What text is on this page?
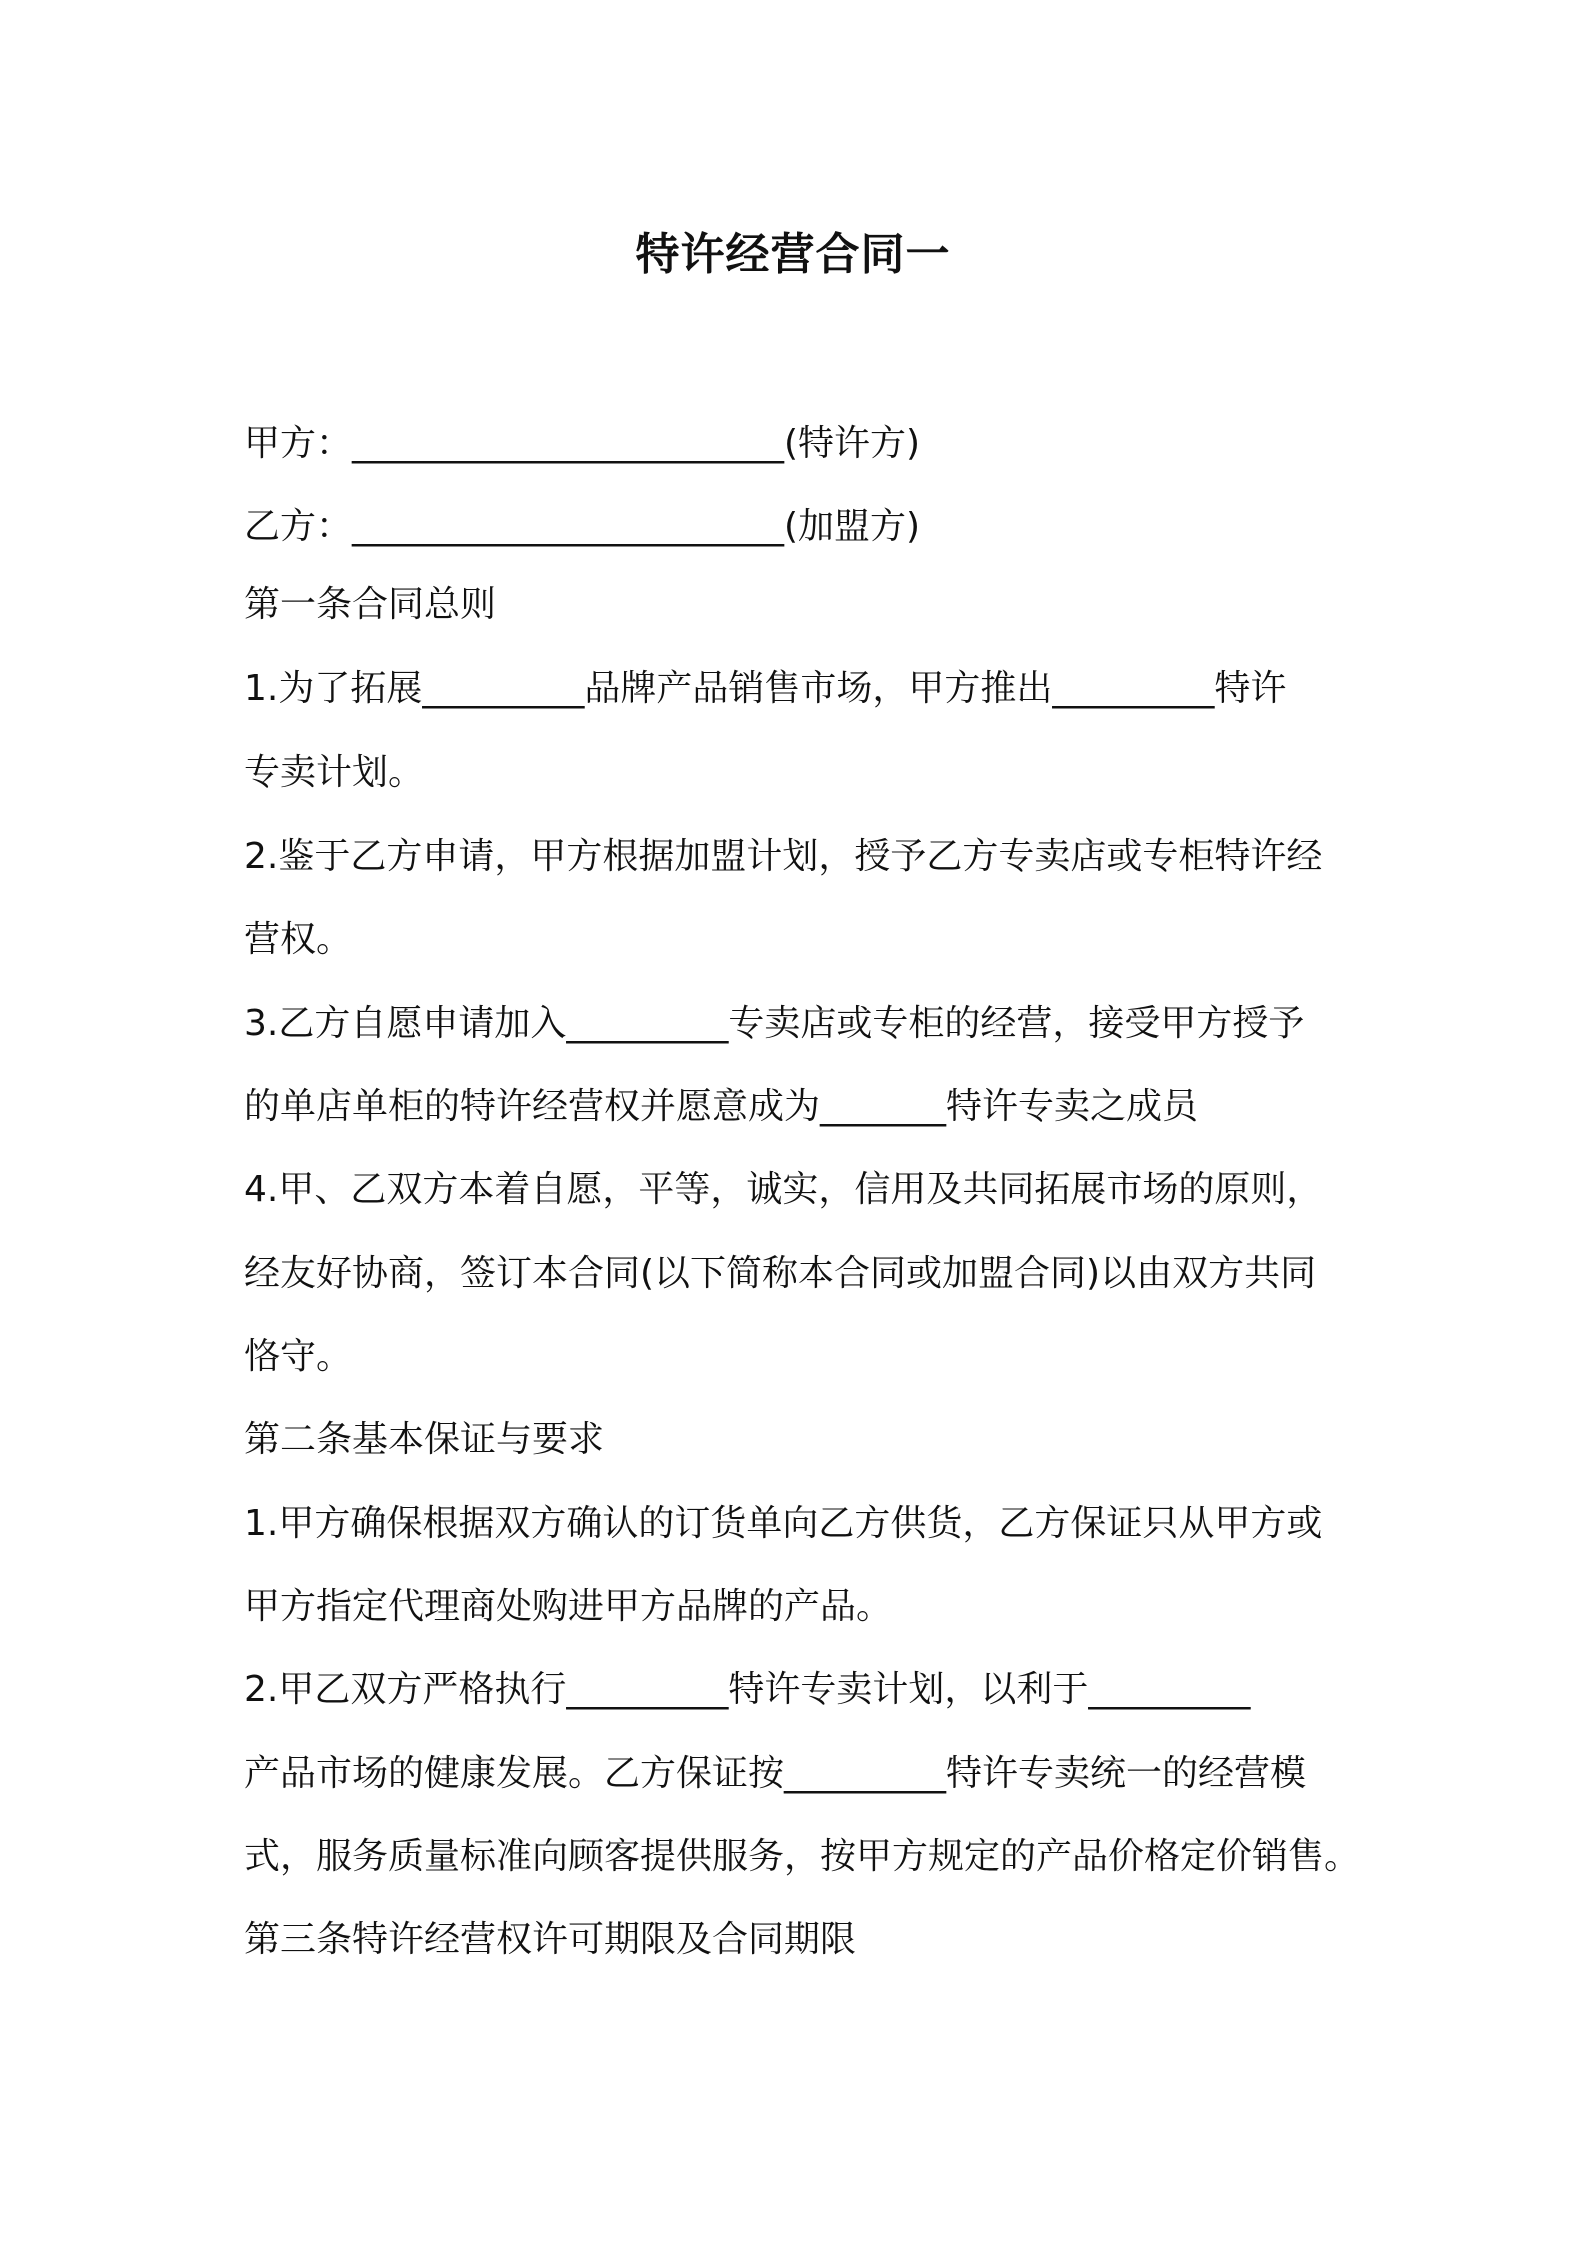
特许经营合同一
甲方：________________________(特许方)
乙方：________________________(加盟方)
第一条合同总则
1.为了拓展_________品牌产品销售市场，甲方推出_________特许
专卖计划。
2.鉴于乙方申请，甲方根据加盟计划，授予乙方专卖店或专柜特许经
营权。
3.乙方自愿申请加入_________专卖店或专柜的经营，接受甲方授予
的单店单柜的特许经营权并愿意成为_______特许专卖之成员
4.甲、乙双方本着自愿，平等，诚实，信用及共同拓展市场的原则，
经友好协商，签订本合同(以下简称本合同或加盟合同)以由双方共同
恪守。
第二条基本保证与要求
1.甲方确保根据双方确认的订货单向乙方供货，乙方保证只从甲方或
甲方指定代理商处购进甲方品牌的产品。
2.甲乙双方严格执行_________特许专卖计划，以利于_________
产品市场的健康发展。乙方保证按_________特许专卖统一的经营模
式，服务质量标准向顾客提供服务，按甲方规定的产品价格定价销售。
第三条特许经营权许可期限及合同期限
